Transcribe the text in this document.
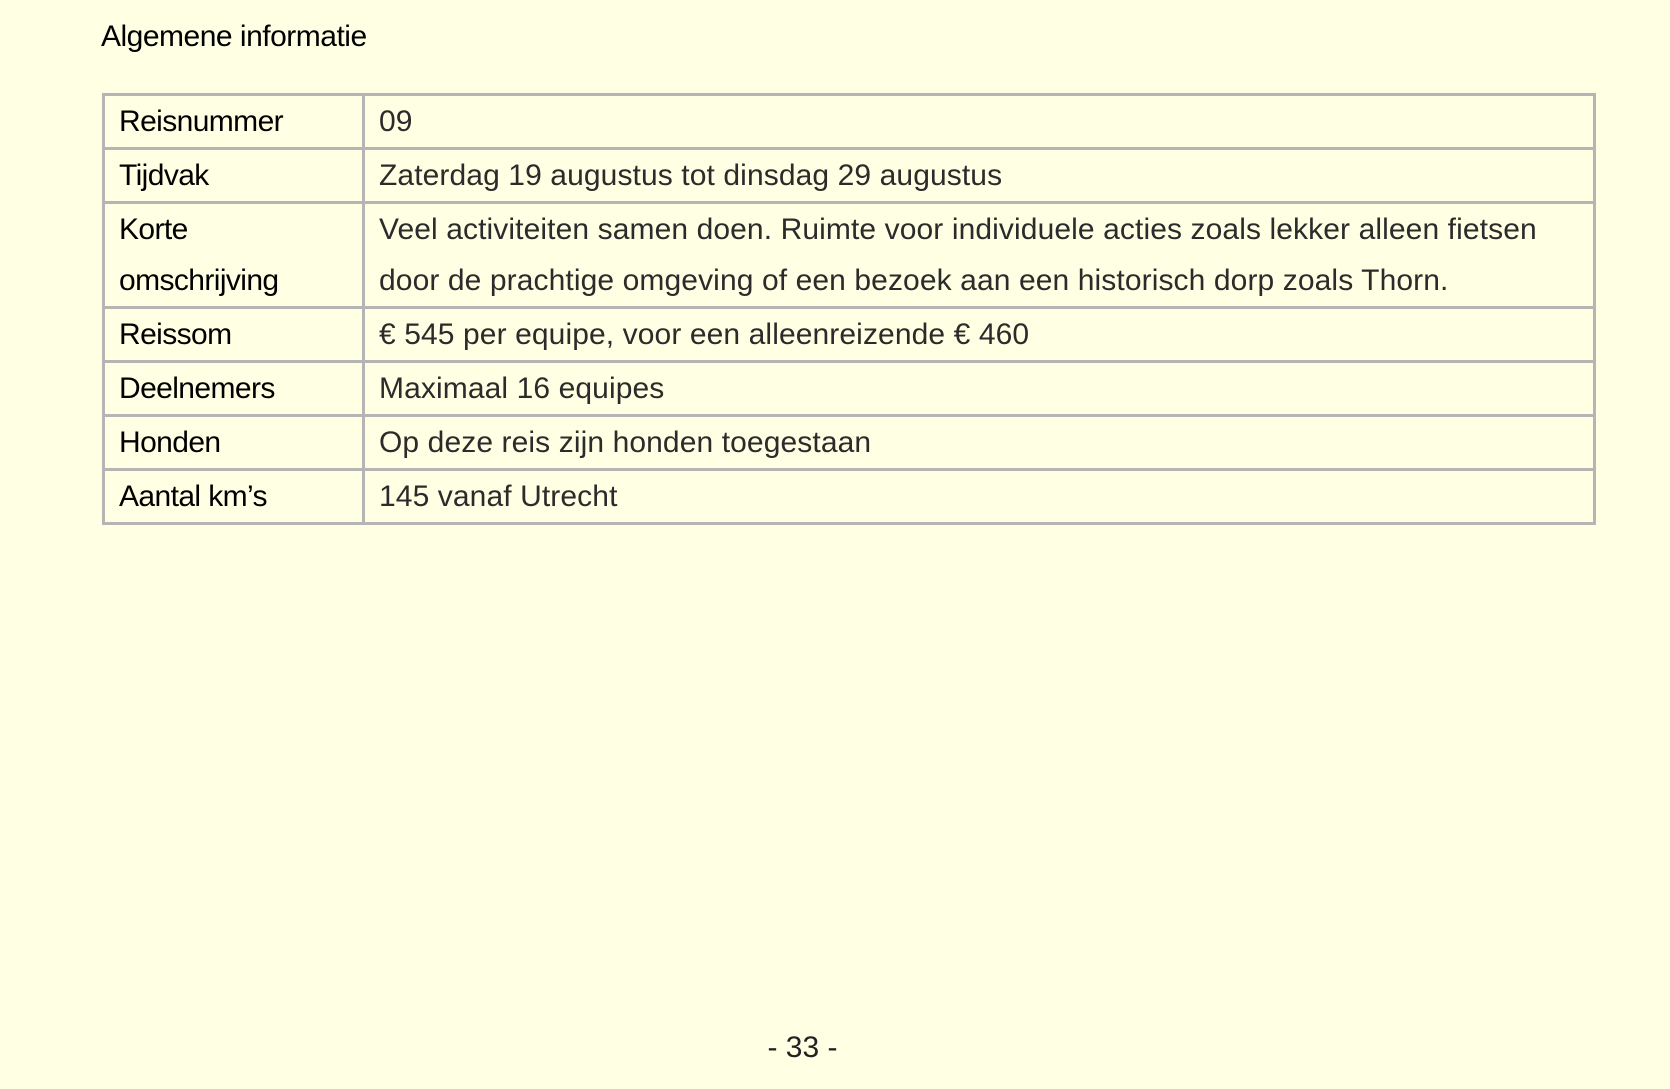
Algemene informatie
Reisnummer	09
Tijdvak	Zaterdag 19 augustus tot dinsdag 29 augustus
Korte omschrijving	Veel activiteiten samen doen. Ruimte voor individuele acties zoals lekker alleen fietsen door de prachtige omgeving of een bezoek aan een historisch dorp zoals Thorn.
Reissom	€ 545 per equipe, voor een alleenreizende € 460
Deelnemers	Maximaal 16 equipes
Honden	Op deze reis zijn honden toegestaan
Aantal km’s	145 vanaf Utrecht
- 33 -
